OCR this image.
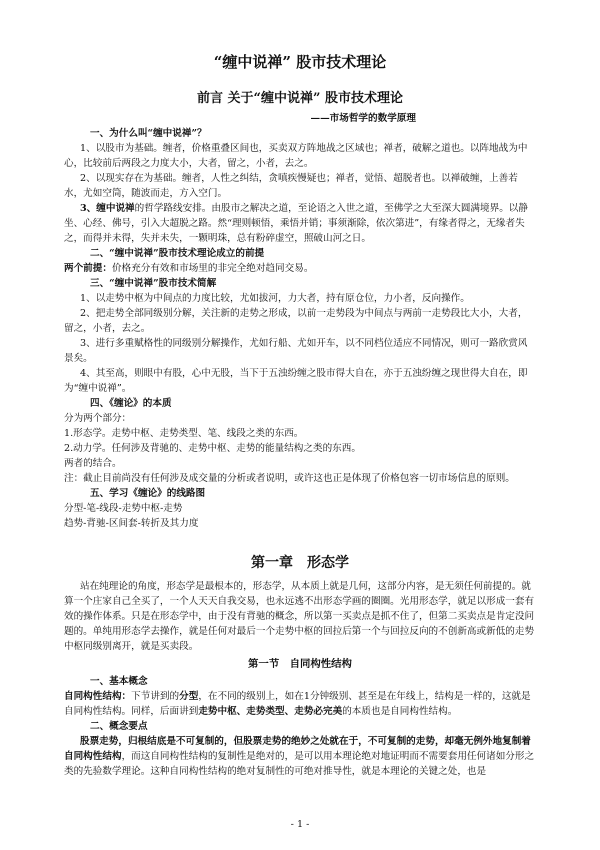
“缠中说禅” 股市技术理论
前言 关于“缠中说禅” 股市技术理论

——市场哲学的数学原理

一、为什么叫“缠中说禅”？

1、以股市为基础。缠者，价格重叠区间也，买卖双方阵地战之区域也；禅者，破解之道也。以阵地战为中心，比较前后两段之力度大小，大者，留之，小者，去之。

2、以现实存在为基础。缠者，人性之纠结，贪嗔疾慢疑也；禅者，觉悟、超脱者也。以禅破缠，上善若水，尤如空筒，随波而走，方入空门。

3、缠中说禅的哲学路线安排。由股市之解决之道，至论语之入世之道，至佛学之大至深大圆满境界。以静坐、心经、佛号，引入大超脱之路。然“理则顿悟，乘悟并销；事须渐除，依次第进”，有缘者得之，无缘者失之，而得并未得，失并未失，一颗明珠，总有粉碎虚空，照破山河之日。

二、“缠中说禅”股市技术理论成立的前提

两个前提：价格充分有效和市场里的非完全绝对趋同交易。

三、“缠中说禅”股市技术简解

1、以走势中枢为中间点的力度比较，尤如拔河，力大者，持有原仓位，力小者，反向操作。

2、把走势全部同级别分解，关注新的走势之形成，以前一走势段为中间点与两前一走势段比大小，大者，留之，小者，去之。

3、进行多重赋格性的同级别分解操作，尤如行船、尤如开车，以不同档位适应不同情况，则可一路欣赏风景矣。

4、其至高，则眼中有股，心中无股，当下于五浊纷缠之股市得大自在，亦于五浊纷缠之现世得大自在，即为“缠中说禅”。

四、《缠论》的本质

分为两个部分：

1.形态学。走势中枢、走势类型、笔、线段之类的东西。

2.动力学。任何涉及背驰的、走势中枢、走势的能量结构之类的东西。

两者的结合。

注：截止目前尚没有任何涉及成交量的分析或者说明，或许这也正是体现了价格包容一切市场信息的原则。

五、学习《缠论》的线路图

分型-笔-线段-走势中枢-走势

趋势-背驰-区间套-转折及其力度

第一章　形态学

站在纯理论的角度，形态学是最根本的，形态学，从本质上就是几何，这部分内容，是无须任何前提的。就算一个庄家自己全买了，一个人天天自我交易，也永远逃不出形态学画的圈圈。光用形态学，就足以形成一套有效的操作体系。只是在形态学中，由于没有背驰的概念，所以第一买卖点是抓不住了，但第二买卖点是肯定没问题的。单纯用形态学去操作，就是任何对最后一个走势中枢的回拉后第一个与回拉反向的不创新高或新低的走势中枢同级别离开，就是买卖段。

第一节　自同构性结构

一、基本概念

自同构性结构：下节讲到的分型，在不同的级别上，如在1分钟级别、甚至是在年线上，结构是一样的，这就是自同构性结构。同样，后面讲到走势中枢、走势类型、走势必完美的本质也是自同构性结构。

二、概念要点

股票走势，归根结底是不可复制的，但股票走势的绝妙之处就在于，不可复制的走势，却毫无例外地复制着自同构性结构，而这自同构性结构的复制性是绝对的，是可以用本理论绝对地证明而不需要套用任何诸如分形之类的先验数学理论。这种自同构性结构的绝对复制性的可绝对推导性，就是本理论的关键之处，也是

- 1 -
